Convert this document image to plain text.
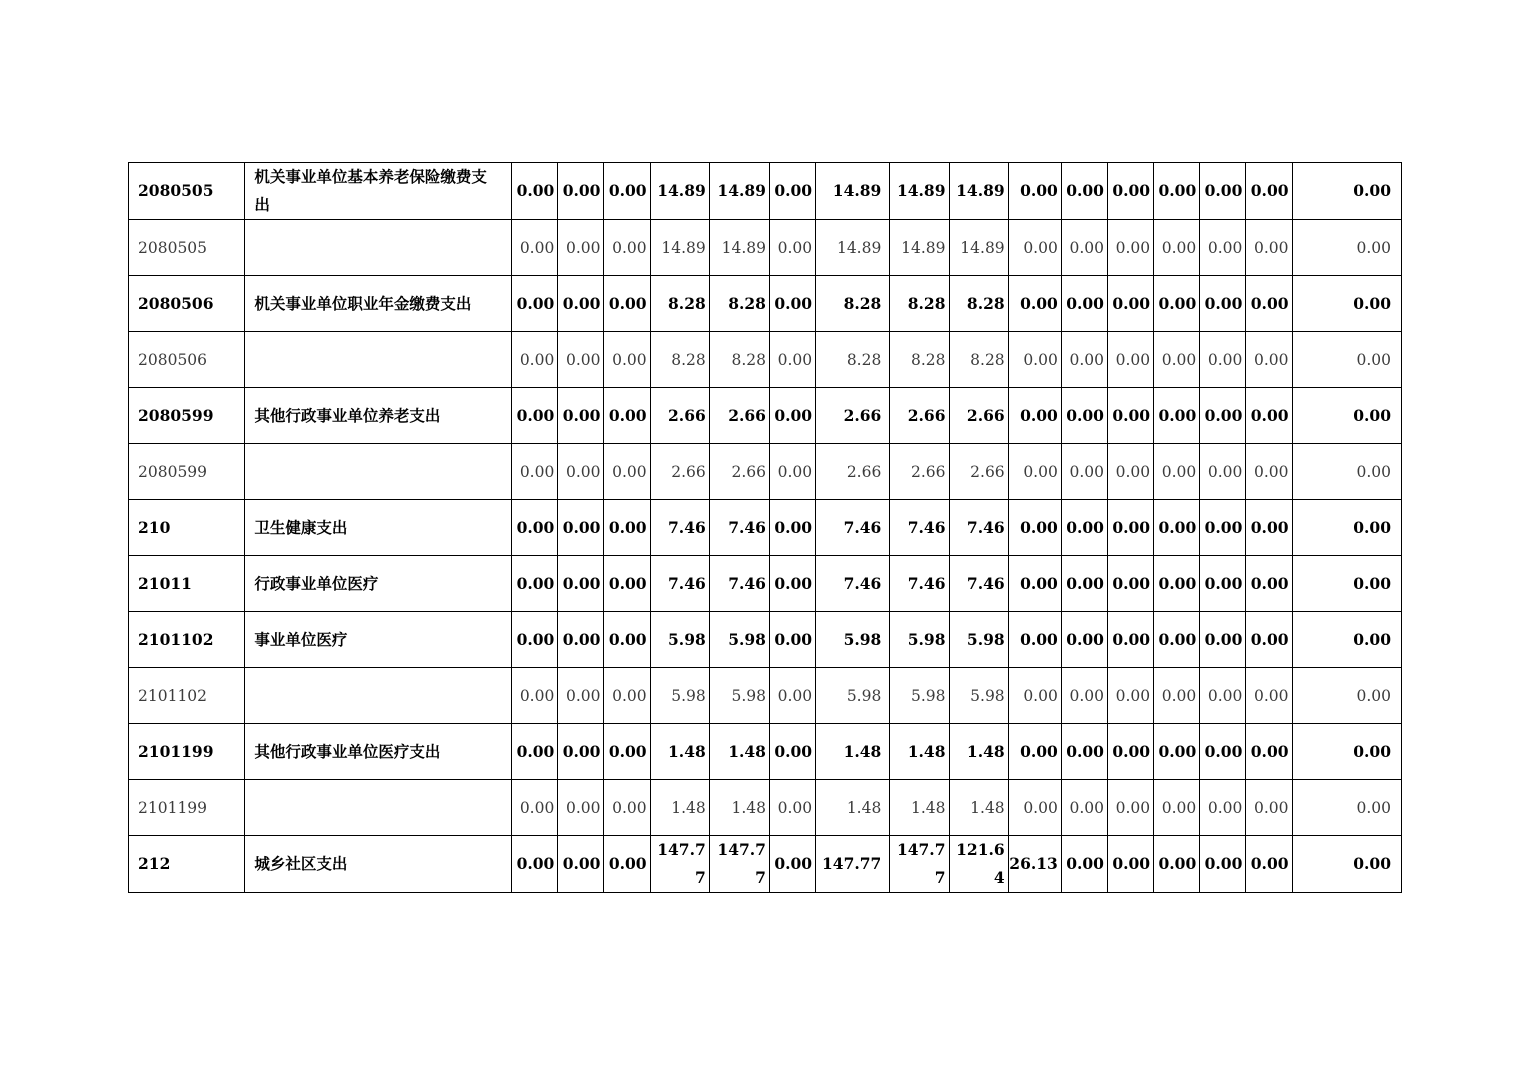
2080505	机关事业单位基本养老保险缴费支出	0.00	0.00	0.00	14.89	14.89	0.00	14.89	14.89	14.89	0.00	0.00	0.00	0.00	0.00	0.00	0.00
2080505		0.00	0.00	0.00	14.89	14.89	0.00	14.89	14.89	14.89	0.00	0.00	0.00	0.00	0.00	0.00	0.00
2080506	机关事业单位职业年金缴费支出	0.00	0.00	0.00	8.28	8.28	0.00	8.28	8.28	8.28	0.00	0.00	0.00	0.00	0.00	0.00	0.00
2080506		0.00	0.00	0.00	8.28	8.28	0.00	8.28	8.28	8.28	0.00	0.00	0.00	0.00	0.00	0.00	0.00
2080599	其他行政事业单位养老支出	0.00	0.00	0.00	2.66	2.66	0.00	2.66	2.66	2.66	0.00	0.00	0.00	0.00	0.00	0.00	0.00
2080599		0.00	0.00	0.00	2.66	2.66	0.00	2.66	2.66	2.66	0.00	0.00	0.00	0.00	0.00	0.00	0.00
210	卫生健康支出	0.00	0.00	0.00	7.46	7.46	0.00	7.46	7.46	7.46	0.00	0.00	0.00	0.00	0.00	0.00	0.00
21011	行政事业单位医疗	0.00	0.00	0.00	7.46	7.46	0.00	7.46	7.46	7.46	0.00	0.00	0.00	0.00	0.00	0.00	0.00
2101102	事业单位医疗	0.00	0.00	0.00	5.98	5.98	0.00	5.98	5.98	5.98	0.00	0.00	0.00	0.00	0.00	0.00	0.00
2101102		0.00	0.00	0.00	5.98	5.98	0.00	5.98	5.98	5.98	0.00	0.00	0.00	0.00	0.00	0.00	0.00
2101199	其他行政事业单位医疗支出	0.00	0.00	0.00	1.48	1.48	0.00	1.48	1.48	1.48	0.00	0.00	0.00	0.00	0.00	0.00	0.00
2101199		0.00	0.00	0.00	1.48	1.48	0.00	1.48	1.48	1.48	0.00	0.00	0.00	0.00	0.00	0.00	0.00
212	城乡社区支出	0.00	0.00	0.00	147.77	147.77	0.00	147.77	147.77	121.64	26.13	0.00	0.00	0.00	0.00	0.00	0.00
